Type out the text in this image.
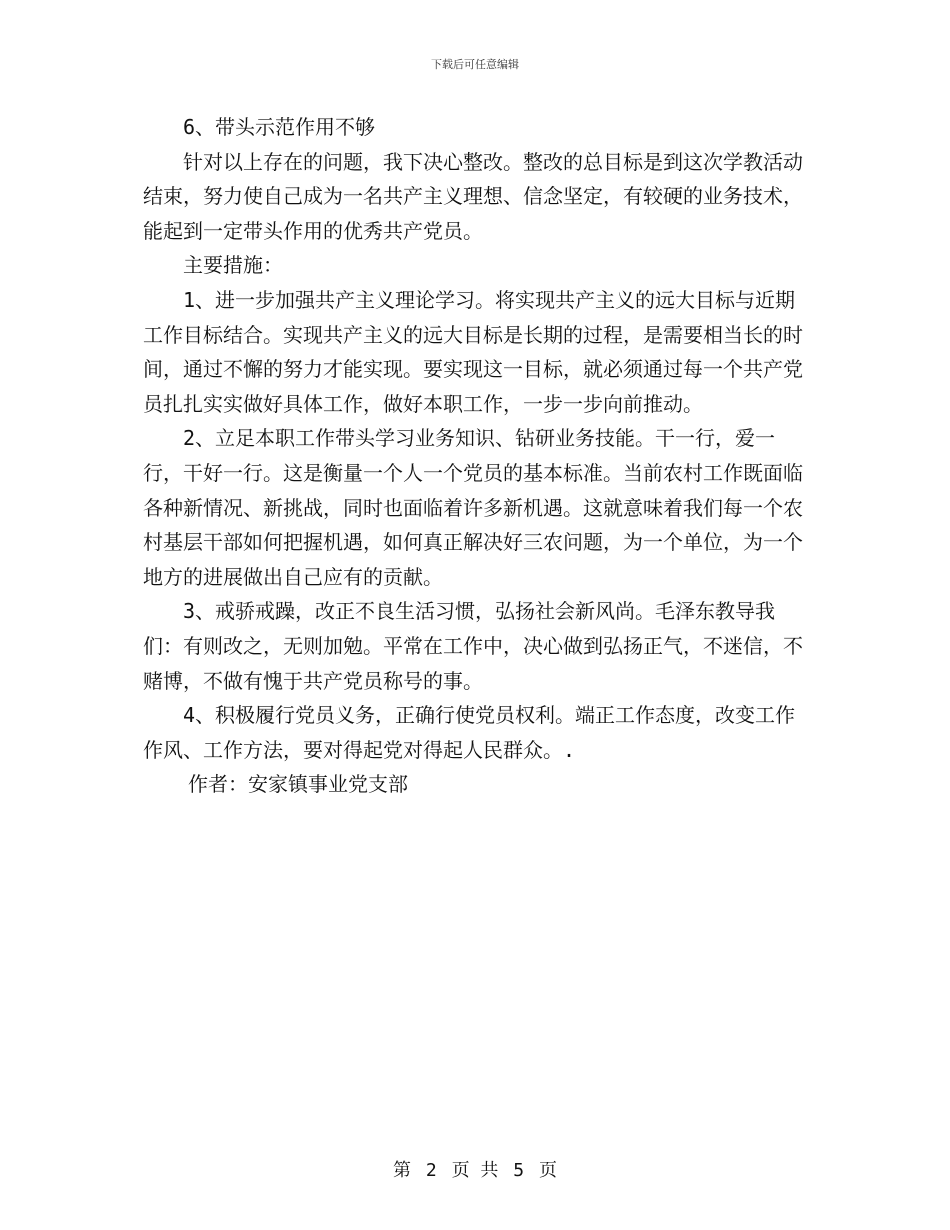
下载后可任意编辑

6、带头示范作用不够

针对以上存在的问题，我下决心整改。整改的总目标是到这次学教活动结束，努力使自己成为一名共产主义理想、信念坚定，有较硬的业务技术，能起到一定带头作用的优秀共产党员。

主要措施：

1、进一步加强共产主义理论学习。将实现共产主义的远大目标与近期工作目标结合。实现共产主义的远大目标是长期的过程，是需要相当长的时间，通过不懈的努力才能实现。要实现这一目标，就必须通过每一个共产党员扎扎实实做好具体工作，做好本职工作，一步一步向前推动。

2、立足本职工作带头学习业务知识、钻研业务技能。干一行，爱一行，干好一行。这是衡量一个人一个党员的基本标准。当前农村工作既面临各种新情况、新挑战，同时也面临着许多新机遇。这就意味着我们每一个农村基层干部如何把握机遇，如何真正解决好三农问题，为一个单位，为一个地方的进展做出自己应有的贡献。

3、戒骄戒躁，改正不良生活习惯，弘扬社会新风尚。毛泽东教导我们：有则改之，无则加勉。平常在工作中，决心做到弘扬正气，不迷信，不赌博，不做有愧于共产党员称号的事。

4、积极履行党员义务，正确行使党员权利。端正工作态度，改变工作作风、工作方法，要对得起党对得起人民群众。.

作者：安家镇事业党支部

第 2 页 共 5 页
